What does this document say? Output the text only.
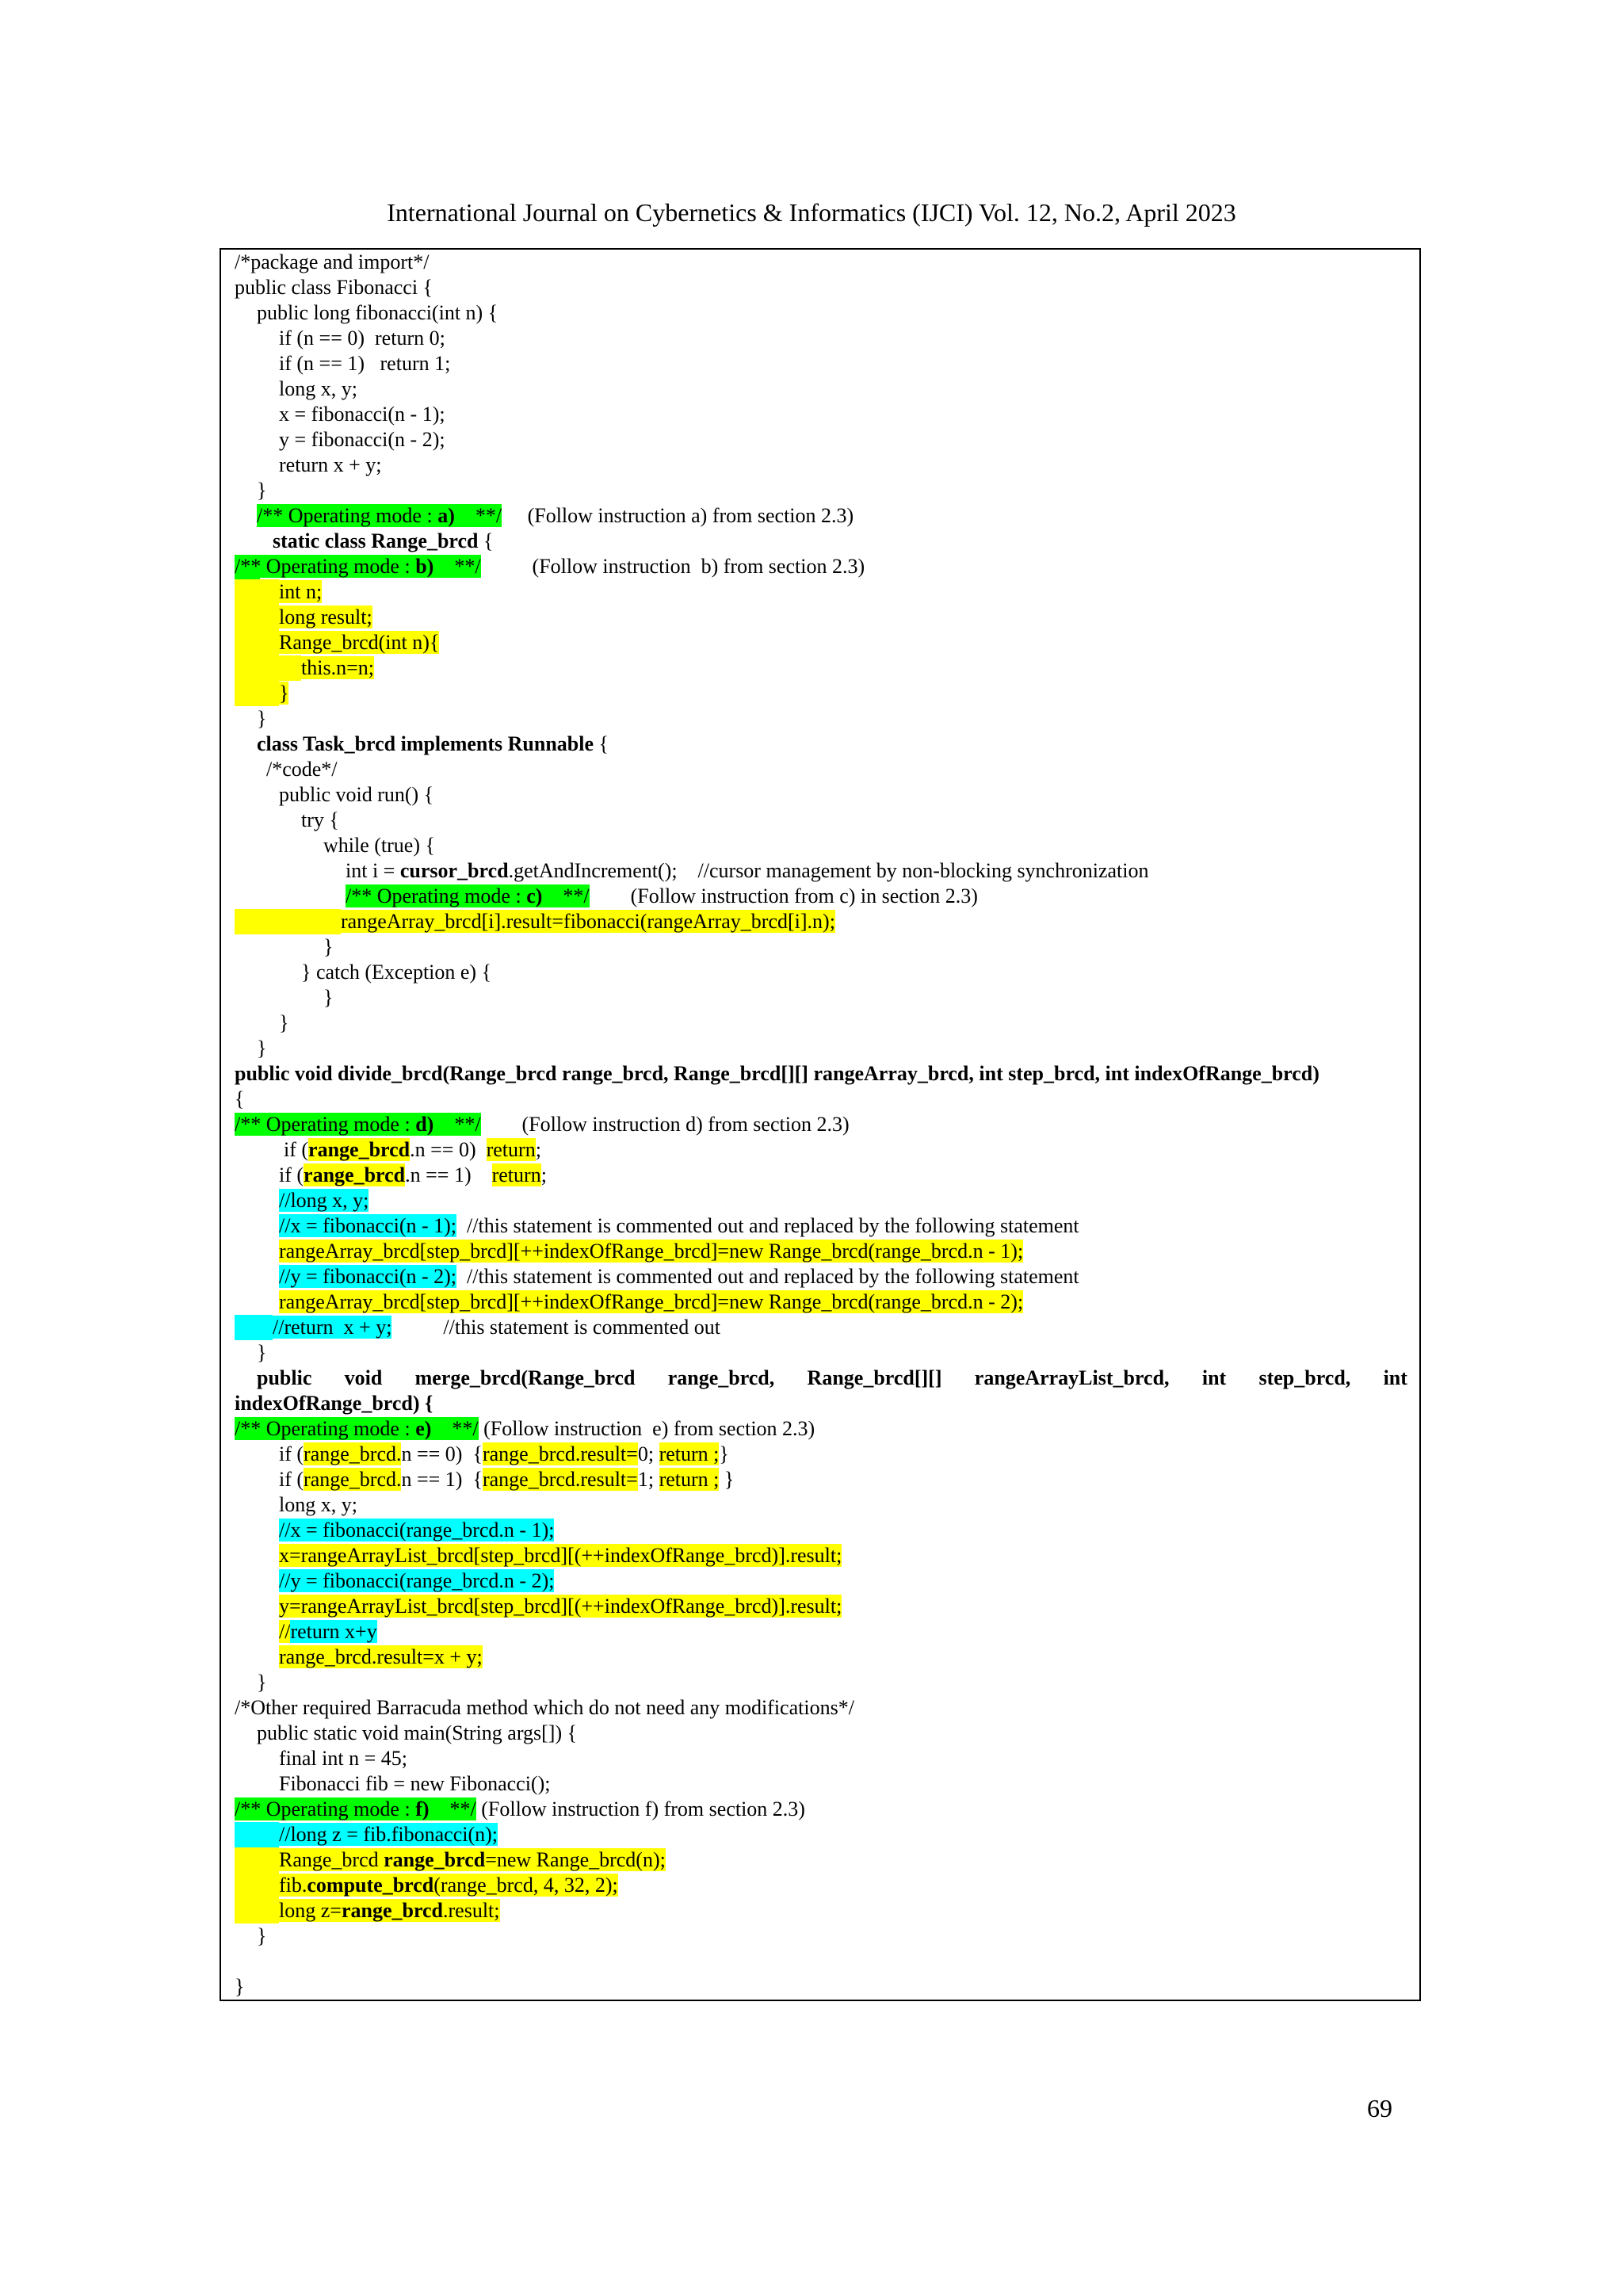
International Journal on Cybernetics & Informatics (IJCI) Vol. 12, No.2, April 2023
/*package and import*/
public class Fibonacci {
public long fibonacci(int n) {
if (n == 0)  return 0;
if (n == 1)   return 1;
long x, y;
x = fibonacci(n - 1);
y = fibonacci(n - 2);
return x + y;
}
/** Operating mode : a)    **/ (Follow instruction a) from section 2.3)
static class Range_brcd {
/** Operating mode : b)    **/	(Follow instruction  b) from section 2.3)
int n;
long result;
Range_brcd(int n){
this.n=n;
}
}
class Task_brcd implements Runnable {
/*code*/
public void run() {
try {
while (true) {
int i = cursor_brcd.getAndIncrement();    //cursor management by non-blocking synchronization
/** Operating mode : c)    **/ (Follow instruction from c) in section 2.3)
rangeArray_brcd[i].result=fibonacci(rangeArray_brcd[i].n);
}
} catch (Exception e) {
}
}
}
public void divide_brcd(Range_brcd range_brcd, Range_brcd[][] rangeArray_brcd, int step_brcd, int indexOfRange_brcd)
{
/** Operating mode : d)    **/ (Follow instruction d) from section 2.3)
if (range_brcd.n == 0)  return;
if (range_brcd.n == 1)    return;
//long x, y;
//x = fibonacci(n - 1);  //this statement is commented out and replaced by the following statement
rangeArray_brcd[step_brcd][++indexOfRange_brcd]=new Range_brcd(range_brcd.n - 1);
//y = fibonacci(n - 2);  //this statement is commented out and replaced by the following statement
rangeArray_brcd[step_brcd][++indexOfRange_brcd]=new Range_brcd(range_brcd.n - 2);
//return  x + y;	//this statement is commented out
}
public void merge_brcd(Range_brcd range_brcd, Range_brcd[][] rangeArrayList_brcd, int step_brcd, int
indexOfRange_brcd) {
/** Operating mode : e)    **/ (Follow instruction  e) from section 2.3)
if (range_brcd.n == 0)  {range_brcd.result=0; return ;}
if (range_brcd.n == 1)  {range_brcd.result=1; return ; }
long x, y;
//x = fibonacci(range_brcd.n - 1);
x=rangeArrayList_brcd[step_brcd][(++indexOfRange_brcd)].result;
//y = fibonacci(range_brcd.n - 2);
y=rangeArrayList_brcd[step_brcd][(++indexOfRange_brcd)].result;
//return x+y
range_brcd.result=x + y;
}
/*Other required Barracuda method which do not need any modifications*/
public static void main(String args[]) {
final int n = 45;
Fibonacci fib = new Fibonacci();
/** Operating mode : f)    **/ (Follow instruction f) from section 2.3)
//long z = fib.fibonacci(n);
Range_brcd range_brcd=new Range_brcd(n);
fib.compute_brcd(range_brcd, 4, 32, 2);
long z=range_brcd.result;
}
}
69
